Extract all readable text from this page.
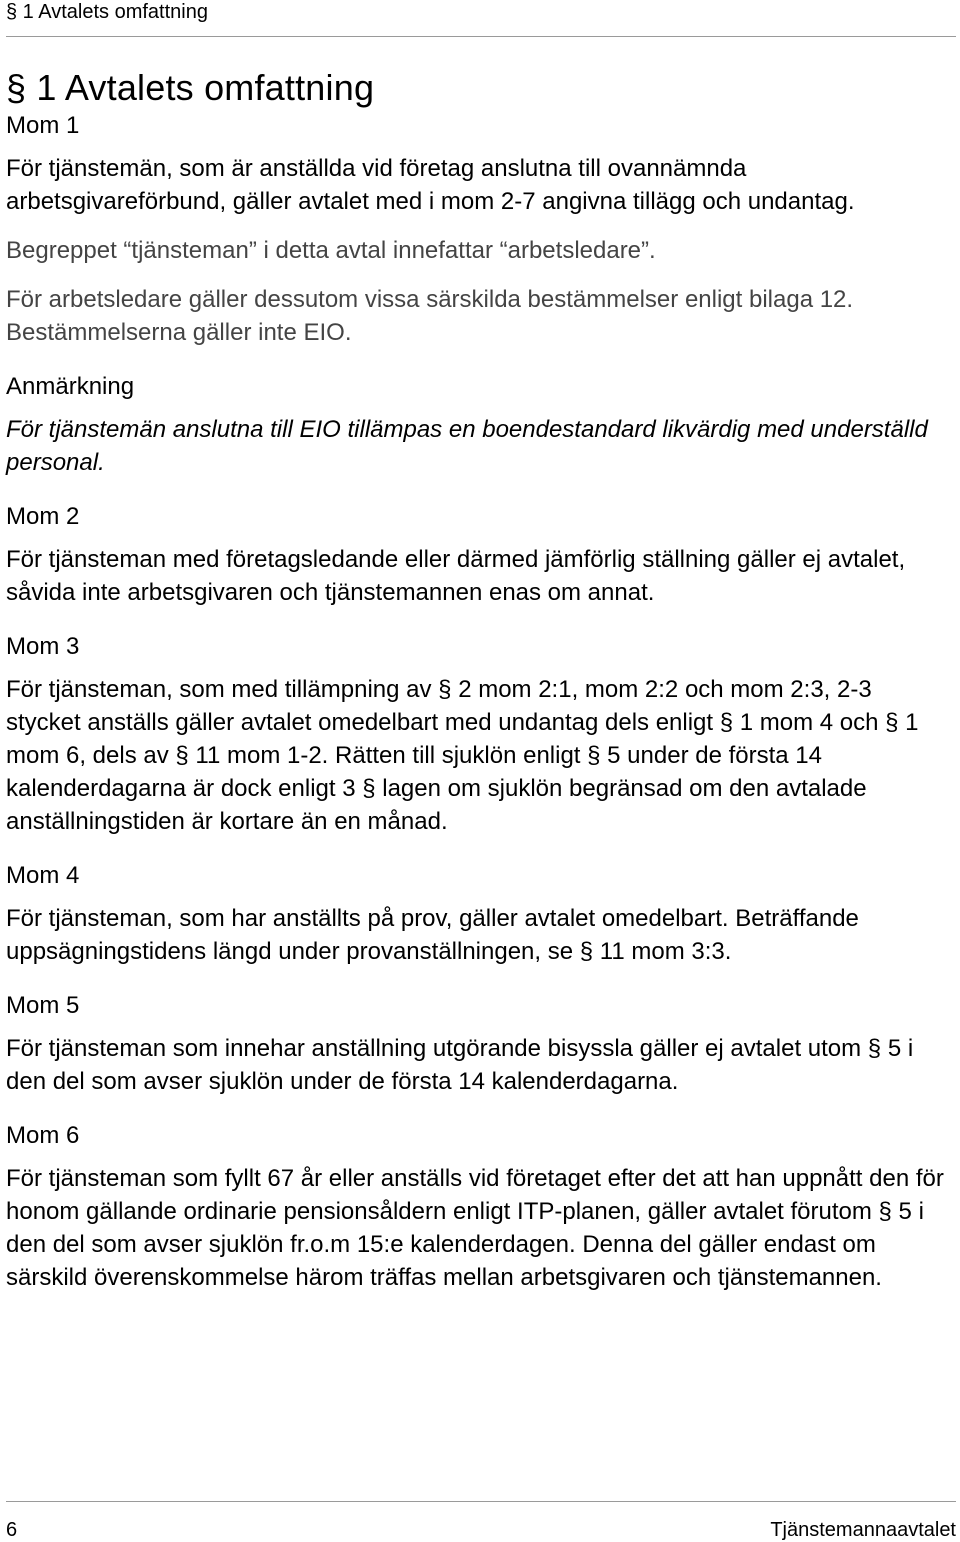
§ 1 Avtalets omfattning
§ 1 Avtalets omfattning
Mom 1

För tjänstemän, som är anställda vid företag anslutna till ovannämnda arbetsgivareförbund, gäller avtalet med i mom 2-7 angivna tillägg och undantag.

Begreppet “tjänsteman” i detta avtal innefattar “arbetsledare”.

För arbetsledare gäller dessutom vissa särskilda bestämmelser enligt bilaga 12. Bestämmelserna gäller inte EIO.

Anmärkning

För tjänstemän anslutna till EIO tillämpas en boendestandard likvärdig med underställd personal.

Mom 2

För tjänsteman med företagsledande eller därmed jämförlig ställning gäller ej avtalet, såvida inte arbetsgivaren och tjänstemannen enas om annat.

Mom 3

För tjänsteman, som med tillämpning av § 2 mom 2:1, mom 2:2 och mom 2:3, 2-3 stycket anställs gäller avtalet omedelbart med undantag dels enligt § 1 mom 4 och § 1 mom 6, dels av § 11 mom 1-2. Rätten till sjuklön enligt § 5 under de första 14 kalenderdagarna är dock enligt 3 § lagen om sjuklön begränsad om den avtalade anställningstiden är kortare än en månad.

Mom 4

För tjänsteman, som har anställts på prov, gäller avtalet omedelbart. Beträffande uppsägningstidens längd under provanställningen, se § 11 mom 3:3.

Mom 5

För tjänsteman som innehar anställning utgörande bisyssla gäller ej avtalet utom § 5 i den del som avser sjuklön under de första 14 kalenderdagarna.

Mom 6

För tjänsteman som fyllt 67 år eller anställs vid företaget efter det att han uppnått den för honom gällande ordinarie pensionsåldern enligt ITP-planen, gäller avtalet förutom § 5 i den del som avser sjuklön fr.o.m 15:e kalenderdagen. Denna del gäller endast om särskild överenskommelse härom träffas mellan arbetsgivaren och tjänstemannen.

6	Tjänstemannaavtalet
